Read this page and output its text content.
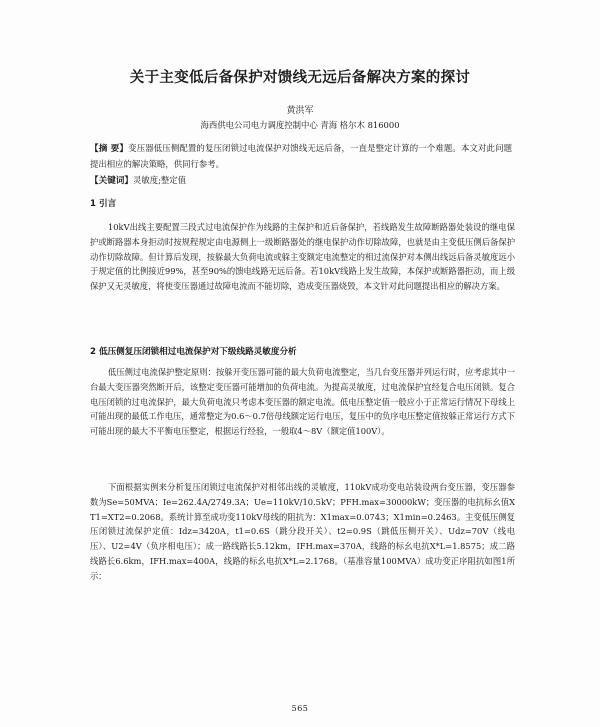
关于主变低后备保护对馈线无远后备解决方案的探讨
黄洪军
海西供电公司电力调度控制中心 青海 格尔木 816000
【摘 要】变压器低压侧配置的复压闭锁过电流保护对馈线无远后备，一直是整定计算的一个难题。本文对此问题提出相应的解决策略，供同行参考。
【关键词】灵敏度;整定值
1 引言
10kV出线主要配置三段式过电流保护作为线路的主保护和近后备保护，若线路发生故障断路器处装设的继电保护或断路器本身拒动时按规程规定由电源侧上一级断路器处的继电保护动作切除故障，也就是由主变低压侧后备保护动作切除故障。但计算后发现，按躲最大负荷电流或躲主变额定电流整定的相过流保护对本侧出线远后备灵敏度远小于规定值的比例接近99%，甚至90%的馈电线路无远后备。若10kV线路上发生故障，本保护或断路器拒动，而上级保护又无灵敏度，将使变压器通过故障电流而不能切除，造成变压器烧毁，本文针对此问题提出相应的解决方案。
2 低压侧复压闭锁相过电流保护对下级线路灵敏度分析
低压侧过电流保护整定原则：按躲开变压器可能的最大负荷电流整定，当几台变压器并列运行时，应考虑其中一台最大变压器突然断开后，该整定变压器可能增加的负荷电流。为提高灵敏度，过电流保护宜经复合电压闭锁。复合电压闭锁的过电流保护，最大负荷电流只考虑本变压器的额定电流。低电压整定值一般应小于正常运行情况下母线上可能出现的最低工作电压，通常整定为0.6～0.7倍母线额定运行电压，复压中的负序电压整定值按躲正常运行方式下可能出现的最大不平衡电压整定，根据运行经验，一般取4～8V（额定值100V）。
下面根据实例来分析复压闭锁过电流保护对相邻出线的灵敏度，110kV成功变电站装设两台变压器，变压器参数为Se=50MVA；Ie=262.4A/2749.3A；Ue=110kV/10.5kV；PFH.max=30000kW；变压器的电抗标幺值XT1=XT2=0.2068。系统计算至成功变110kV母线的阻抗为：X1max=0.0743；X1min=0.2463。主变低压侧复压闭锁过流保护定值：Idz=3420A，t1=0.6S（跳分段开关）、t2=0.9S（跳低压侧开关）、Udz=70V（线电压）、U2=4V（负序相电压）；成一路线路长5.12km，IFH.max=370A，线路的标幺电抗X*L=1.8575；成二路线路长6.6km，IFH.max=400A，线路的标幺电抗X*L=2.1768。（基准容量100MVA）成功变正序阻抗如图1所示：
565
